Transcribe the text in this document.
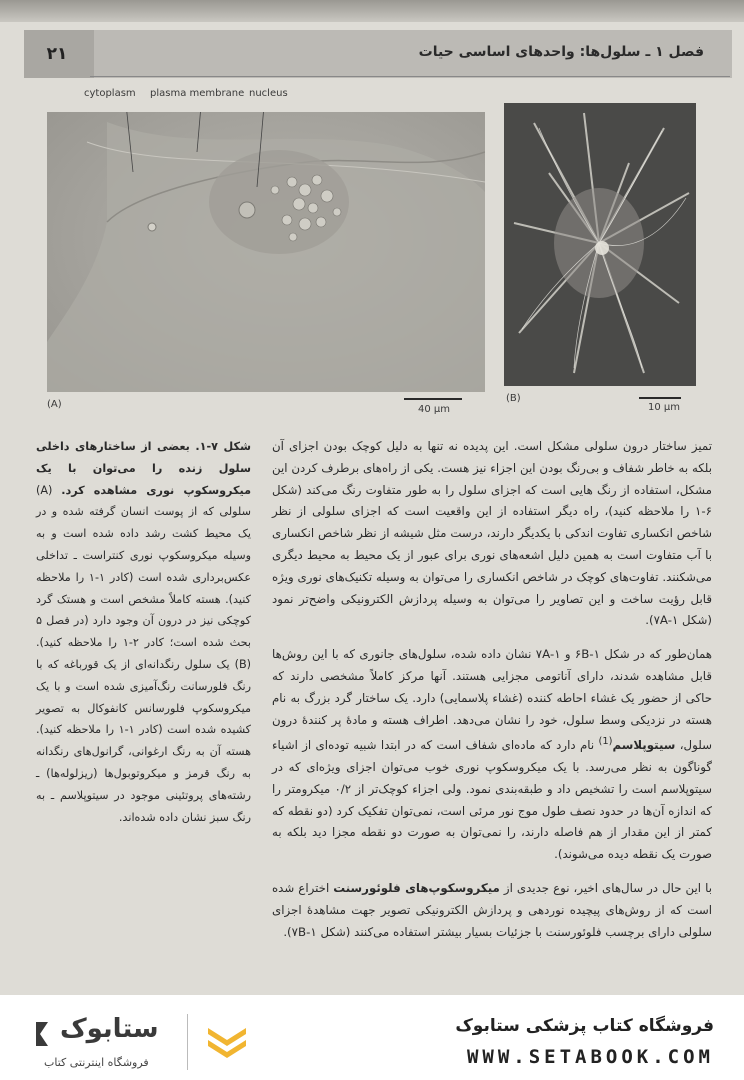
۲۱	فصل ۱ ـ سلول‌ها: واحدهای اساسی حیات
cytoplasm plasma membrane nucleus
(A)	40 μm
(B)
10 μm
شکل ۷-۱. بعضی از ساختارهای داخلی سلول زنده را می‌توان با یک میکروسکوپ نوری مشاهده کرد. (A) سلولی که از پوست انسان گرفته شده و در یک محیط کشت رشد داده شده است و به وسیله میکروسکوپ نوری کنتراست ـ تداخلی عکس‌برداری شده است (کادر ۱-۱ را ملاحظه کنید). هسته کاملاً مشخص است و هستک گرد کوچکی نیز در درون آن وجود دارد (در فصل ۵ بحث شده است؛ کادر ۲-۱ را ملاحظه کنید). (B) یک سلول رنگدانه‌ای از یک قورباغه که با رنگ فلورسانت رنگ‌آمیزی شده است و با یک میکروسکوپ فلورسانس کانفوکال به تصویر کشیده شده است (کادر ۱-۱ را ملاحظه کنید). هسته آن به رنگ ارغوانی، گرانول‌های رنگدانه به رنگ قرمز و میکروتوبول‌ها (ریزلوله‌ها) ـ رشته‌های پروتئینی موجود در سیتوپلاسم ـ به رنگ سبز نشان داده شده‌اند.

تمیز ساختار درون سلولی مشکل است. این پدیده نه تنها به دلیل کوچک بودن اجزای آن بلکه به خاطر شفاف و بی‌رنگ بودن این اجزاء نیز هست. یکی از راه‌های برطرف کردن این مشکل، استفاده از رنگ هایی است که اجزای سلول را به طور متفاوت رنگ می‌کند (شکل ۶-۱ را ملاحظه کنید)، راه دیگر استفاده از این واقعیت است که اجزای سلولی از نظر شاخص انکساری تفاوت اندکی با یکدیگر دارند، درست مثل شیشه از نظر شاخص انکساری با آب متفاوت است به همین دلیل اشعه‌های نوری برای عبور از یک محیط به محیط دیگری می‌شکنند. تفاوت‌های کوچک در شاخص انکساری را می‌توان به وسیله تکنیک‌های نوری ویژه قابل رؤیت ساخت و این تصاویر را می‌توان به وسیله پردازش الکترونیکی واضح‌تر نمود (شکل ۷A-۱).

همان‌طور که در شکل ۶B-۱ و ۷A-۱ نشان داده شده، سلول‌های جانوری که با این روش‌ها قابل مشاهده شدند، دارای آناتومی مجزایی هستند. آنها مرکز کاملاً مشخصی دارند که حاکی از حضور یک غشاء احاطه کننده (غشاء پلاسمایی) دارد. یک ساختار گرد بزرگ به نام هسته در نزدیکی وسط سلول، خود را نشان می‌دهد. اطراف هسته و مادهٔ پر کنندهٔ درون سلول، سیتوپلاسم$^{(1)}$ نام دارد که ماده‌ای شفاف است که در ابتدا شبیه توده‌ای از اشیاء گوناگون به نظر می‌رسد. با یک میکروسکوپ نوری خوب می‌توان اجزای ویژه‌ای که در سیتوپلاسم است را تشخیص داد و طبقه‌بندی نمود. ولی اجزاء کوچک‌تر از ۰/۲ میکرومتر را که اندازه آن‌ها در حدود نصف طول موج نور مرئی است، نمی‌توان تفکیک کرد (دو نقطه که کمتر از این مقدار از هم فاصله دارند، را نمی‌توان به صورت دو نقطه مجزا دید بلکه به صورت یک نقطه دیده می‌شوند).

با این حال در سال‌های اخیر، نوع جدیدی از میکروسکوپ‌های فلوئورسنت اختراع شده است که از روش‌های پیچیده نوردهی و پردازش الکترونیکی تصویر جهت مشاهدهٔ اجزای سلولی دارای برچسب فلوئورسنت با جزئیات بسیار بیشتر استفاده می‌کنند (شکل ۷B-۱).

ستابوک
فروشگاه اینترنتی کتاب
فروشگاه کتاب پزشکی ستابوک
WWW.SETABOOK.COM
